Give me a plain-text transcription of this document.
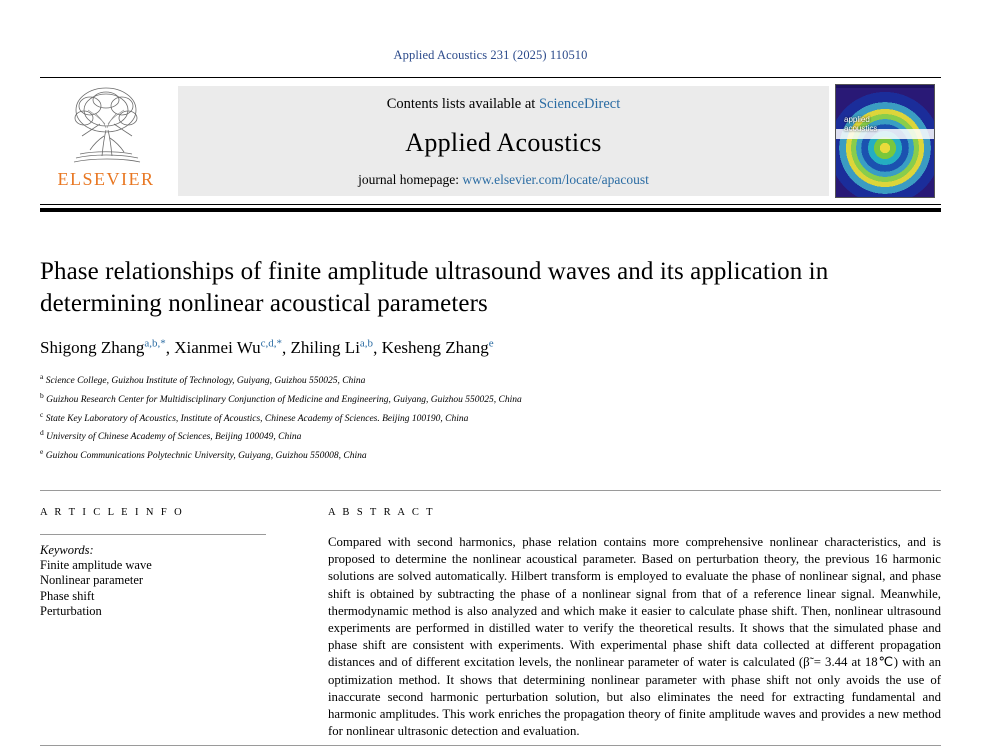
Applied Acoustics 231 (2025) 110510
ELSEVIER
Contents lists available at ScienceDirect
Applied Acoustics
journal homepage: www.elsevier.com/locate/apacoust
applied
acoustics
Phase relationships of finite amplitude ultrasound waves and its application in determining nonlinear acoustical parameters
Shigong Zhang$^{a,b,*}$, Xianmei Wu$^{c,d,*}$, Zhiling Li$^{a,b}$, Kesheng Zhang$^e$
$^a$ Science College, Guizhou Institute of Technology, Guiyang, Guizhou 550025, China
$^b$ Guizhou Research Center for Multidisciplinary Conjunction of Medicine and Engineering, Guiyang, Guizhou 550025, China
$^c$ State Key Laboratory of Acoustics, Institute of Acoustics, Chinese Academy of Sciences. Beijing 100190, China
$^d$ University of Chinese Academy of Sciences, Beijing 100049, China
$^e$ Guizhou Communications Polytechnic University, Guiyang, Guizhou 550008, China
A R T I C L E I N F O
Keywords:
Finite amplitude wave
Nonlinear parameter
Phase shift
Perturbation
A B S T R A C T
Compared with second harmonics, phase relation contains more comprehensive nonlinear characteristics, and is proposed to determine the nonlinear acoustical parameter. Based on perturbation theory, the previous 16 harmonic solutions are solved automatically. Hilbert transform is employed to evaluate the phase of nonlinear signal, and phase shift is obtained by subtracting the phase of a nonlinear signal from that of a reference linear signal. Meanwhile, thermodynamic method is also analyzed and which make it easier to calculate phase shift. Then, nonlinear ultrasound experiments are performed in distilled water to verify the theoretical results. It shows that the simulated phase and phase shift are consistent with experiments. With experimental phase shift data collected at different propagation distances and of different excitation levels, the nonlinear parameter of water is calculated (β̃ = 3.44 at 18℃) with an optimization method. It shows that determining nonlinear parameter with phase shift not only avoids the use of inaccurate second harmonic perturbation solution, but also eliminates the need for extracting fundamental and harmonic amplitudes. This work enriches the propagation theory of finite amplitude waves and provides a new method for nonlinear ultrasonic detection and evaluation.
